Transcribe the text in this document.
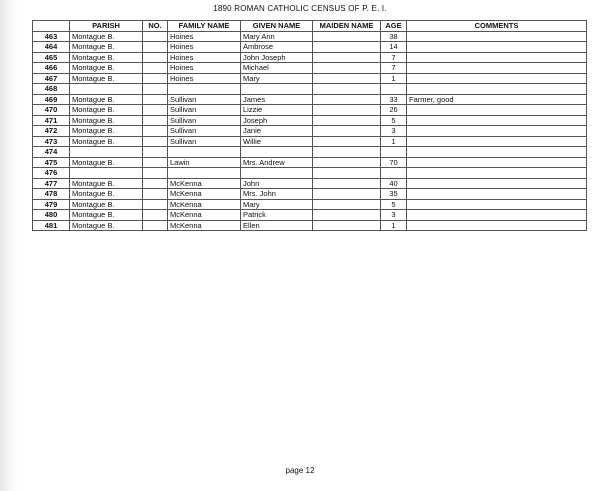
1890 ROMAN CATHOLIC CENSUS OF P. E. I.
	PARISH	NO.	FAMILY NAME	GIVEN NAME	MAIDEN NAME	AGE	COMMENTS
463	Montague B.		Hoines	Mary Ann		38	
464	Montague B.		Hoines	Ambrose		14	
465	Montague B.		Hoines	John Joseph		7	
466	Montague B.		Hoines	Michael		7	
467	Montague B.		Hoines	Mary		1	
468							
469	Montague B.		Sullivan	James		33	Farmer, good
470	Montague B.		Sullivan	Lizzie		26	
471	Montague B.		Sullivan	Joseph		5	
472	Montague B.		Sullivan	Janie		3	
473	Montague B.		Sullivan	Willie		1	
474							
475	Montague B.		Lawin	Mrs. Andrew		70	
476							
477	Montague B.		McKenna	John		40	
478	Montague B.		McKenna	Mrs. John		35	
479	Montague B.		McKenna	Mary		5	
480	Montague B.		McKenna	Patrick		3	
481	Montague B.		McKenna	Ellen		1	
page 12
